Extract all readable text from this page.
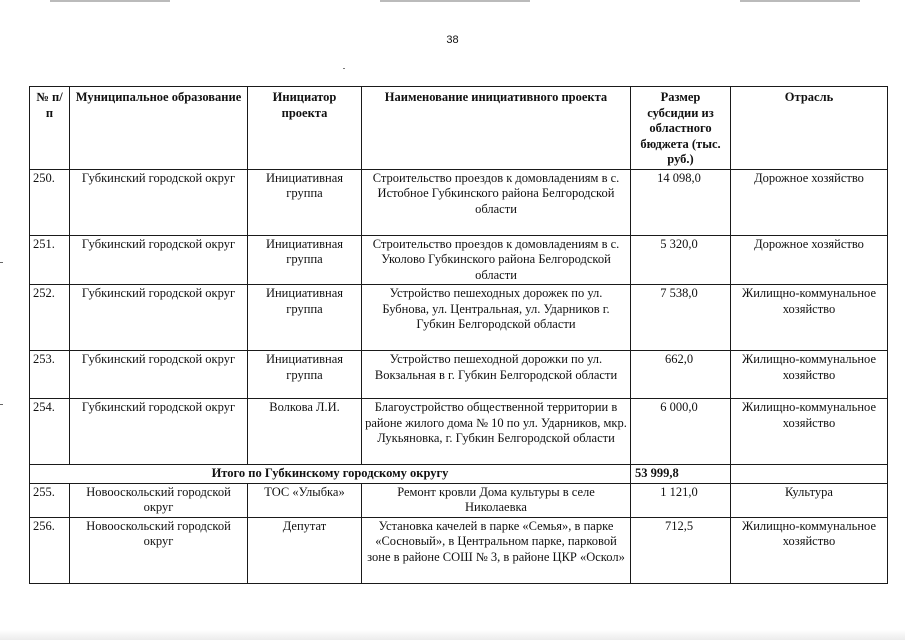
38
№ п/п	Муниципальное образование	Инициатор проекта	Наименование инициативного проекта	Размер субсидии из областного бюджета (тыс. руб.)	Отрасль
250.	Губкинский городской округ	Инициативная группа	Строительство проездов к домовладениям в с. Истобное Губкинского района Белгородской области	14 098,0	Дорожное хозяйство
251.	Губкинский городской округ	Инициативная группа	Строительство проездов к домовладениям в с. Уколово Губкинского района Белгородской области	5 320,0	Дорожное хозяйство
252.	Губкинский городской округ	Инициативная группа	Устройство пешеходных дорожек по ул. Бубнова, ул. Центральная, ул. Ударников г. Губкин Белгородской области	7 538,0	Жилищно-коммунальное хозяйство
253.	Губкинский городской округ	Инициативная группа	Устройство пешеходной дорожки по ул. Вокзальная в г. Губкин Белгородской области	662,0	Жилищно-коммунальное хозяйство
254.	Губкинский городской округ	Волкова Л.И.	Благоустройство общественной территории в районе жилого дома № 10 по ул. Ударников, мкр. Лукьяновка, г. Губкин Белгородской области	6 000,0	Жилищно-коммунальное хозяйство
Итого по Губкинскому городскому округу				53 999,8	
255.	Новооскольский городской округ	ТОС «Улыбка»	Ремонт кровли Дома культуры в селе Николаевка	1 121,0	Культура
256.	Новооскольский городской округ	Депутат	Установка качелей в парке «Семья», в парке «Сосновый», в Центральном парке, парковой зоне в районе СОШ № 3, в районе ЦКР «Оскол»	712,5	Жилищно-коммунальное хозяйство
